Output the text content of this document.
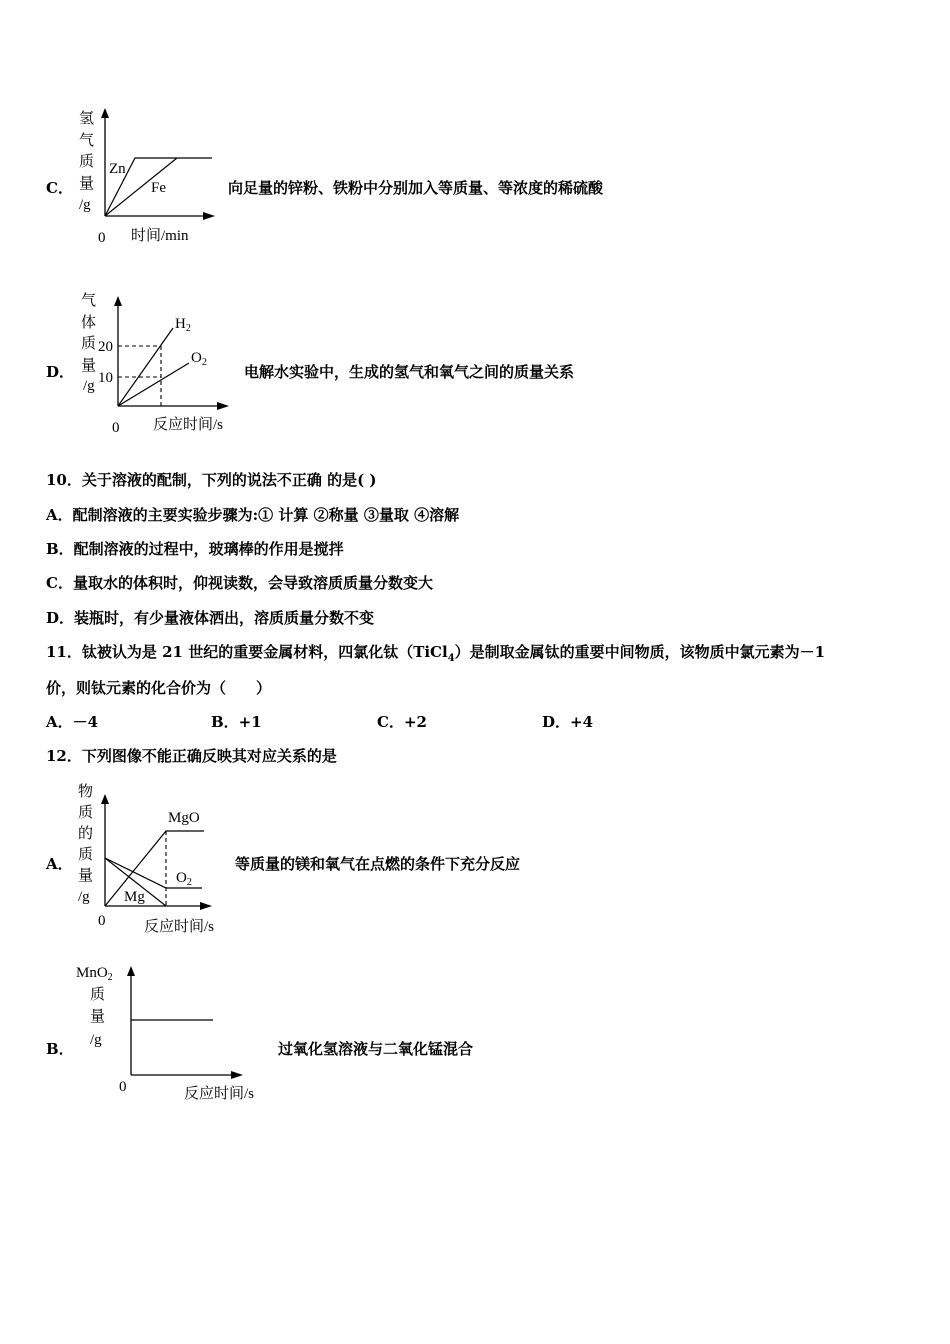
C．
氢
气
质
量
/g
Zn
Fe
0 时间/min
向足量的锌粉、铁粉中分别加入等质量、等浓度的稀硫酸
D．
气
体
质
量
/g
20
10
$H_2$
$O_2$
0 反应时间/s
电解水实验中，生成的氢气和氧气之间的质量关系
10．关于溶液的配制，下列的说法不正确 的是( )
A．配制溶液的主要实验步骤为:① 计算 ②称量 ③量取 ④溶解
B．配制溶液的过程中，玻璃棒的作用是搅拌
C．量取水的体积时，仰视读数，会导致溶质质量分数变大
D．装瓶时，有少量液体洒出，溶质质量分数不变
11．钛被认为是 21 世纪的重要金属材料，四氯化钛（TiCl$_4$）是制取金属钛的重要中间物质，该物质中氯元素为－1
价，则钛元素的化合价为（　　）
A．－4	B．+1	C．+2	D．+4
12．下列图像不能正确反映其对应关系的是
A．
物
质
的
质
量
/g
MgO
$O_2$
Mg
0	反应时间/s
等质量的镁和氧气在点燃的条件下充分反应
B．
MnO$_2$
质
量
/g
0	反应时间/s
过氧化氢溶液与二氧化锰混合
